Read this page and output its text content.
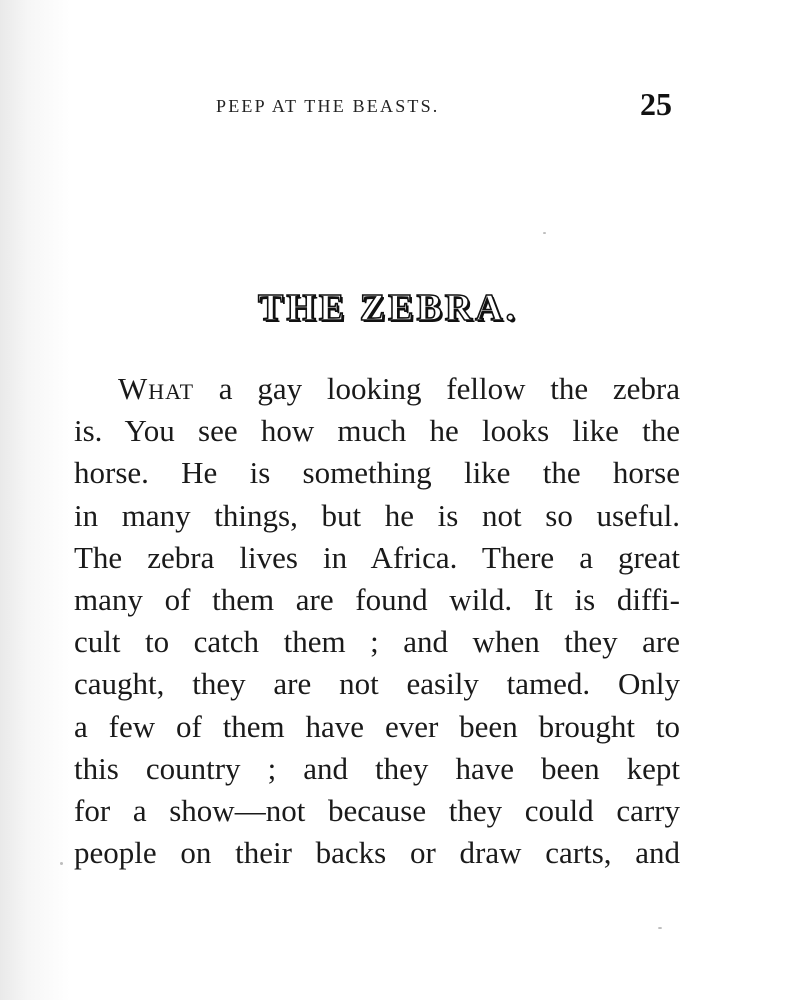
PEEP AT THE BEASTS.	25
THE ZEBRA.
What a gay looking fellow the zebra
is. You see how much he looks like the
horse. He is something like the horse
in many things, but he is not so useful.
The zebra lives in Africa. There a great
many of them are found wild. It is diffi-
cult to catch them ; and when they are
caught, they are not easily tamed. Only
a few of them have ever been brought to
this country ; and they have been kept
for a show—not because they could carry
people on their backs or draw carts, and
